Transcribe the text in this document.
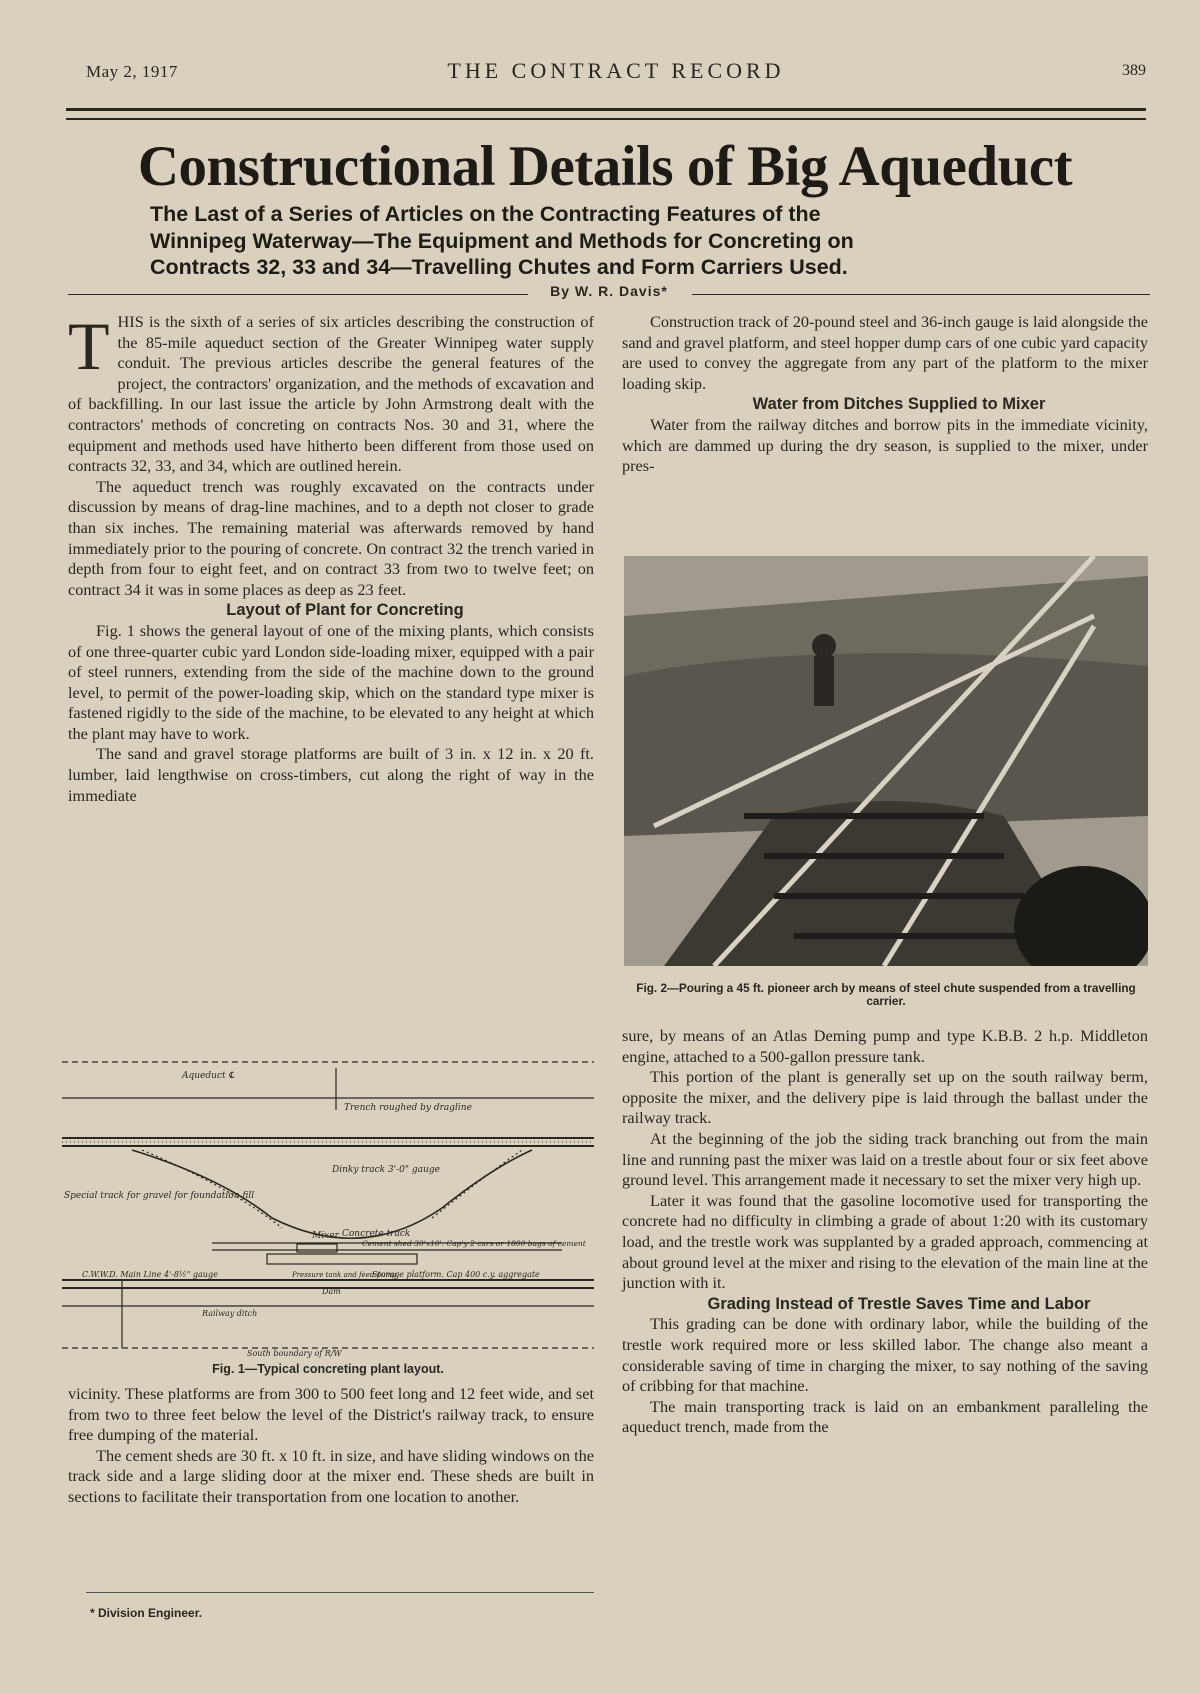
May 2, 1917	THE CONTRACT RECORD	389
Constructional Details of Big Aqueduct
The Last of a Series of Articles on the Contracting Features of the
Winnipeg Waterway—The Equipment and Methods for Concreting on
Contracts 32, 33 and 34—Travelling Chutes and Form Carriers Used.
By W. R. Davis*

THIS is the sixth of a series of six articles describing the construction of the 85-mile aqueduct section of the Greater Winnipeg water supply conduit. The previous articles describe the general features of the project, the contractors' organization, and the methods of excavation and of backfilling. In our last issue the article by John Armstrong dealt with the contractors' methods of concreting on contracts Nos. 30 and 31, where the equipment and methods used have hitherto been different from those used on contracts 32, 33, and 34, which are outlined herein.

The aqueduct trench was roughly excavated on the contracts under discussion by means of drag-line machines, and to a depth not closer to grade than six inches. The remaining material was afterwards removed by hand immediately prior to the pouring of concrete. On contract 32 the trench varied in depth from four to eight feet, and on contract 33 from two to twelve feet; on contract 34 it was in some places as deep as 23 feet.

Layout of Plant for Concreting

Fig. 1 shows the general layout of one of the mixing plants, which consists of one three-quarter cubic yard London side-loading mixer, equipped with a pair of steel runners, extending from the side of the machine down to the ground level, to permit of the power-loading skip, which on the standard type mixer is fastened rigidly to the side of the machine, to be elevated to any height at which the plant may have to work.

The sand and gravel storage platforms are built of 3 in. x 12 in. x 20 ft. lumber, laid lengthwise on cross-timbers, cut along the right of way in the immediate

Aqueduct ℄
Trench roughed by dragline
Dinky track 3'-0" gauge
Special track for gravel for foundation fill
Concrete track
Mixer
Cement shed 30'x10'. Cap'y 2 cars or 1800 bags of cement
C.W.W.D. Main Line 4'-8½" gauge	Pressure tank and feed pump
Storage platform. Cap 400 c.y. aggregate
Dam
Railway ditch
South boundary of R/W
Fig. 1—Typical concreting plant layout.

vicinity. These platforms are from 300 to 500 feet long and 12 feet wide, and set from two to three feet below the level of the District's railway track, to ensure free dumping of the material.

The cement sheds are 30 ft. x 10 ft. in size, and have sliding windows on the track side and a large sliding door at the mixer end. These sheds are built in sections to facilitate their transportation from one location to another.

* Division Engineer.

Construction track of 20-pound steel and 36-inch gauge is laid alongside the sand and gravel platform, and steel hopper dump cars of one cubic yard capacity are used to convey the aggregate from any part of the platform to the mixer loading skip.

Water from Ditches Supplied to Mixer

Water from the railway ditches and borrow pits in the immediate vicinity, which are dammed up during the dry season, is supplied to the mixer, under pres-

Fig. 2—Pouring a 45 ft. pioneer arch by means of steel chute suspended from a travelling carrier.

sure, by means of an Atlas Deming pump and type K.B.B. 2 h.p. Middleton engine, attached to a 500-gallon pressure tank.

This portion of the plant is generally set up on the south railway berm, opposite the mixer, and the delivery pipe is laid through the ballast under the railway track.

At the beginning of the job the siding track branching out from the main line and running past the mixer was laid on a trestle about four or six feet above ground level. This arrangement made it necessary to set the mixer very high up.

Later it was found that the gasoline locomotive used for transporting the concrete had no difficulty in climbing a grade of about 1:20 with its customary load, and the trestle work was supplanted by a graded approach, commencing at about ground level at the mixer and rising to the elevation of the main line at the junction with it.

Grading Instead of Trestle Saves Time and Labor

This grading can be done with ordinary labor, while the building of the trestle work required more or less skilled labor. The change also meant a considerable saving of time in charging the mixer, to say nothing of the saving of cribbing for that machine.

The main transporting track is laid on an embankment paralleling the aqueduct trench, made from the
